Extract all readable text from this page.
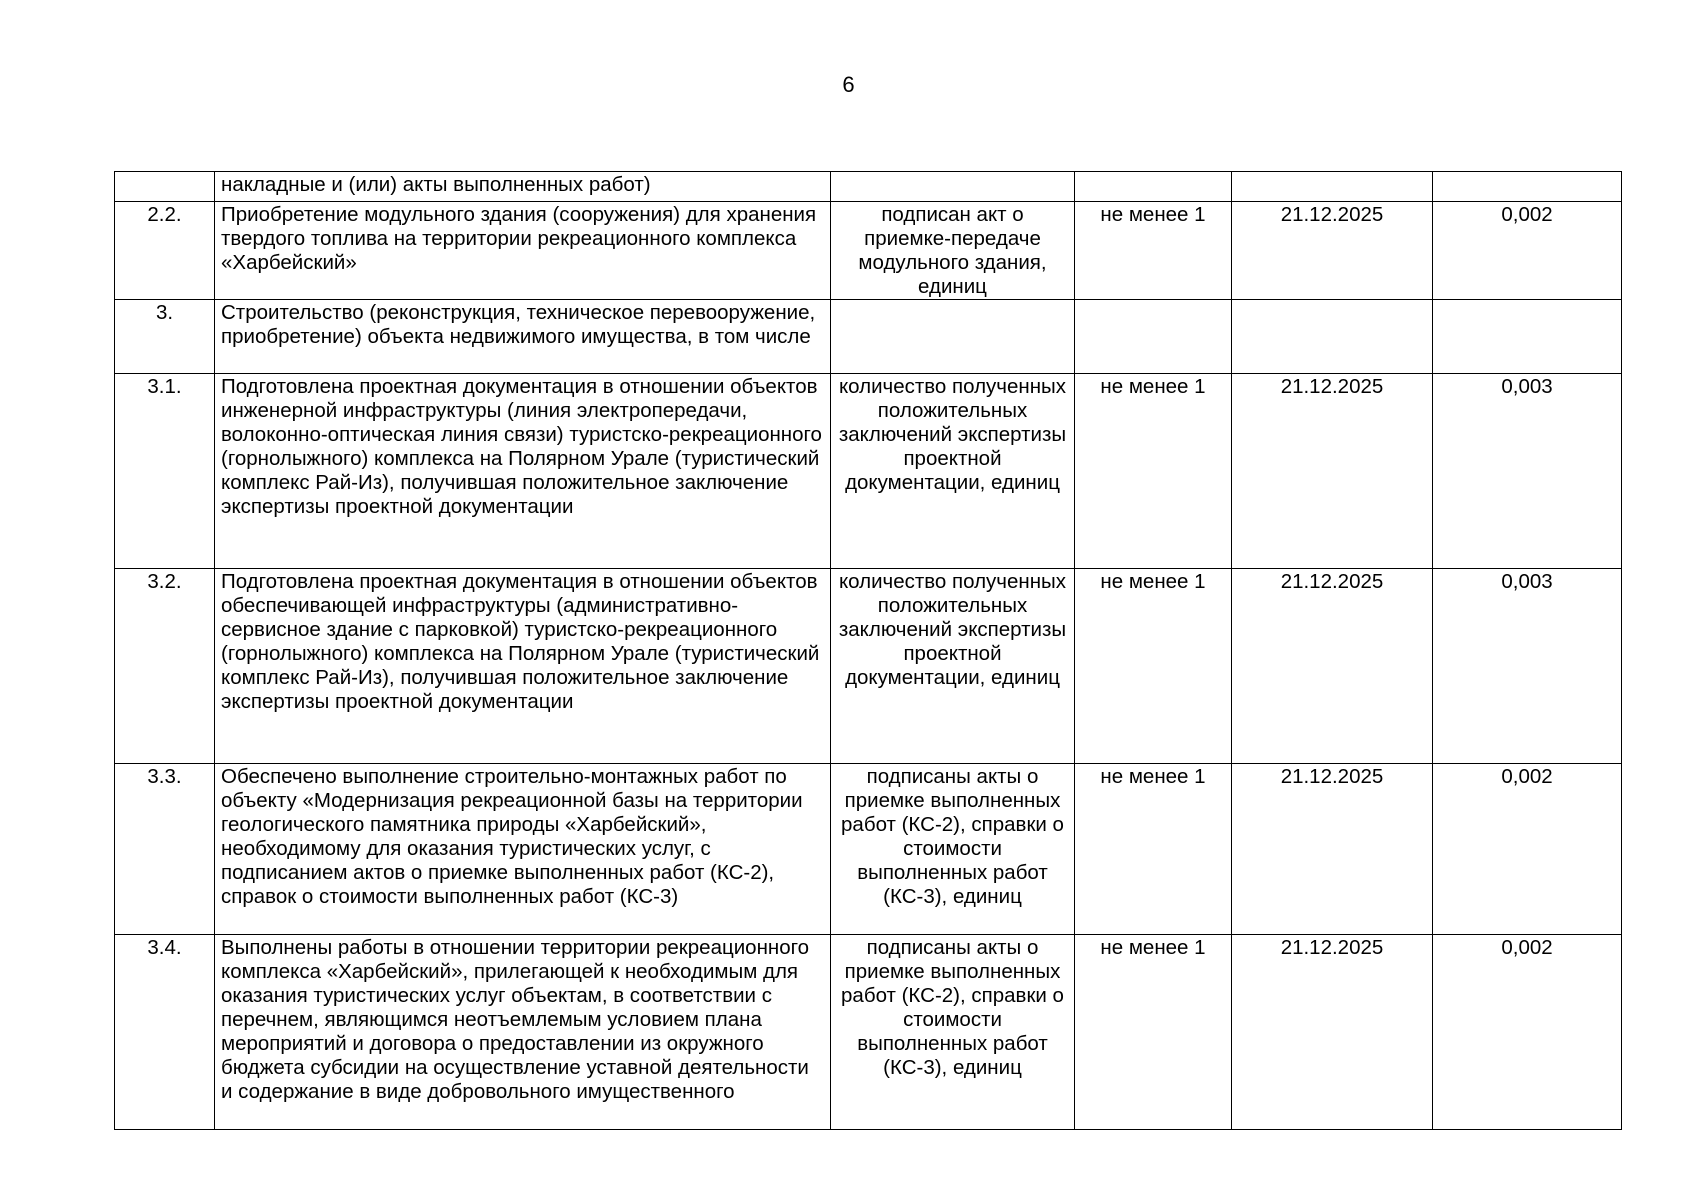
6
	накладные и (или) акты выполненных работ)				
2.2.	Приобретение модульного здания (сооружения) для хранения твердого топлива на территории рекреационного комплекса «Харбейский»	подписан акт о приемке-передаче модульного здания, единиц	не менее 1	21.12.2025	0,002
3.	Строительство (реконструкция, техническое перевооружение, приобретение) объекта недвижимого имущества, в том числе				
3.1.	Подготовлена проектная документация в отношении объектов инженерной инфраструктуры (линия электропередачи, волоконно-оптическая линия связи) туристско-рекреационного (горнолыжного) комплекса на Полярном Урале (туристический комплекс Рай-Из), получившая положительное заключение экспертизы проектной документации	количество полученных положительных заключений экспертизы проектной документации, единиц	не менее 1	21.12.2025	0,003
3.2.	Подготовлена проектная документация в отношении объектов обеспечивающей инфраструктуры (административно-сервисное здание с парковкой) туристско-рекреационного (горнолыжного) комплекса на Полярном Урале (туристический комплекс Рай-Из), получившая положительное заключение экспертизы проектной документации	количество полученных положительных заключений экспертизы проектной документации, единиц	не менее 1	21.12.2025	0,003
3.3.	Обеспечено выполнение строительно-монтажных работ по объекту «Модернизация рекреационной базы на территории геологического памятника природы «Харбейский», необходимому для оказания туристических услуг, с подписанием актов о приемке выполненных работ (КС-2), справок о стоимости выполненных работ (КС-3)	подписаны акты о приемке выполненных работ (КС-2), справки о стоимости выполненных работ (КС-3), единиц	не менее 1	21.12.2025	0,002
3.4.	Выполнены работы в отношении территории рекреационного комплекса «Харбейский», прилегающей к необходимым для оказания туристических услуг объектам, в соответствии с перечнем, являющимся неотъемлемым условием плана мероприятий и договора о предоставлении из окружного бюджета субсидии на осуществление уставной деятельности и содержание в виде добровольного имущественного	подписаны акты о приемке выполненных работ (КС-2), справки о стоимости выполненных работ (КС-3), единиц	не менее 1	21.12.2025	0,002
